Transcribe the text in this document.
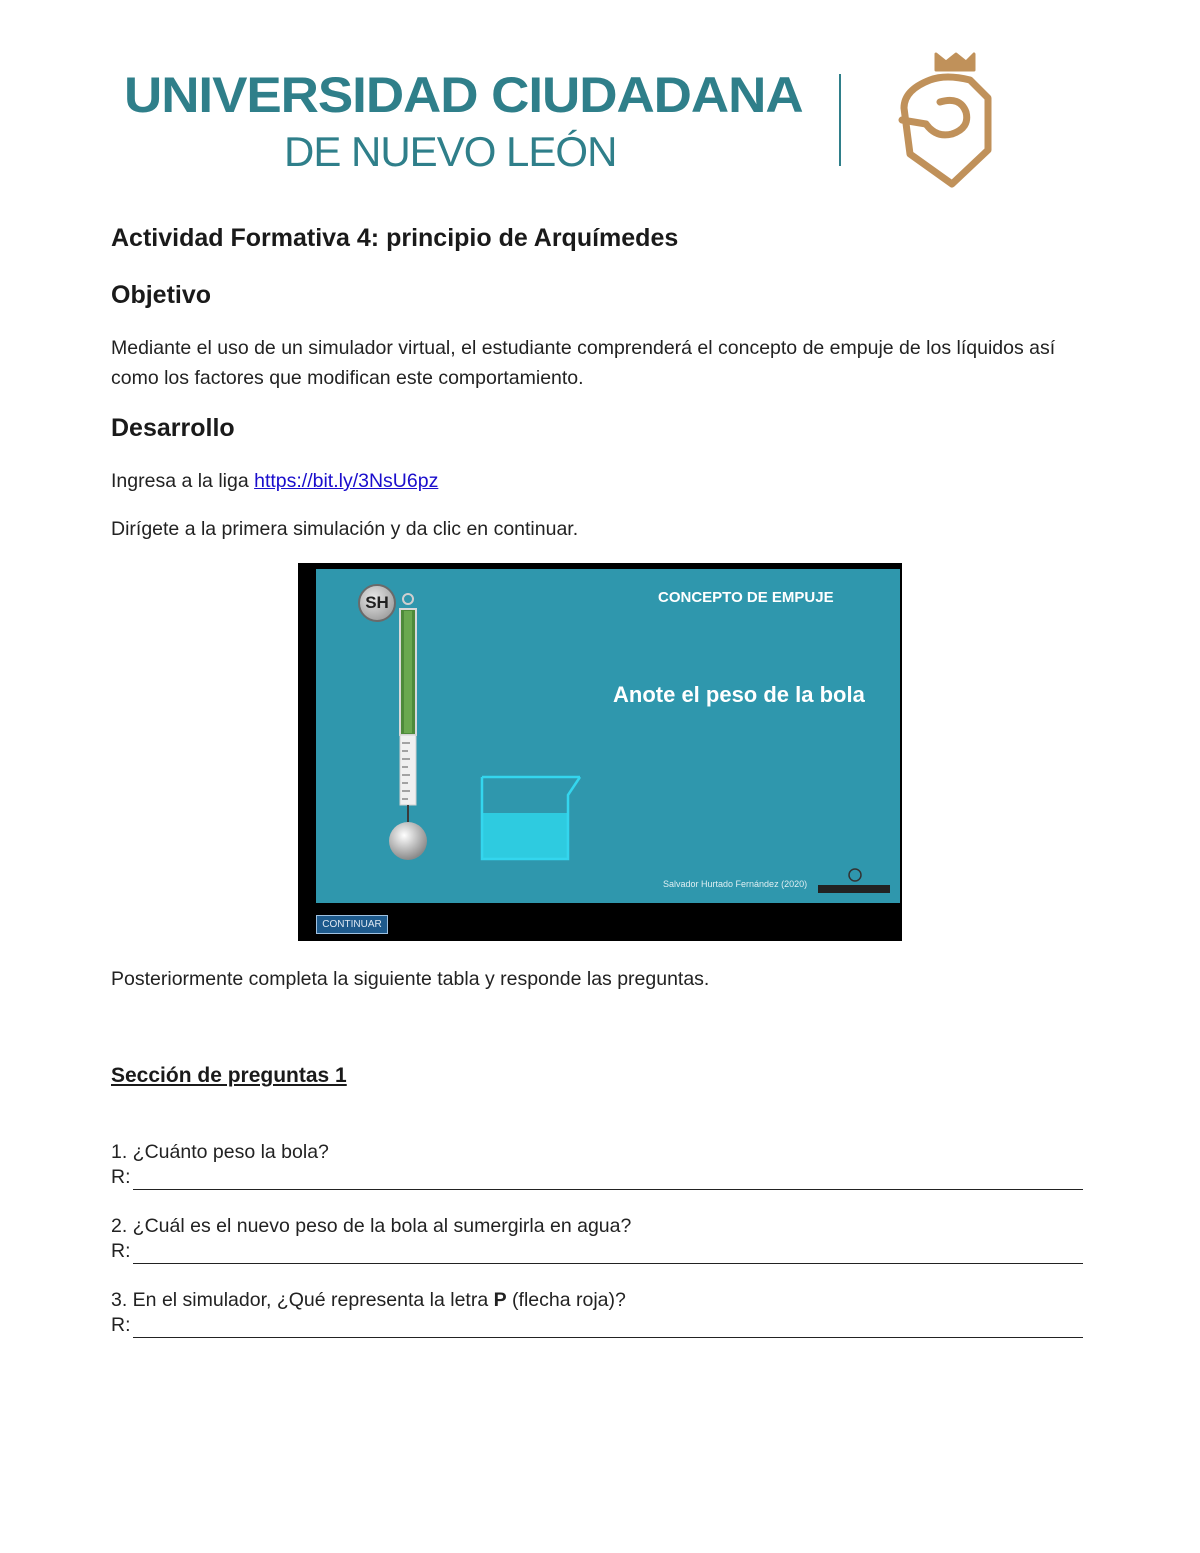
UNIVERSIDAD CIUDADANA
DE NUEVO LEÓN
Actividad Formativa 4: principio de Arquímedes
Objetivo
Mediante el uso de un simulador virtual, el estudiante comprenderá el concepto de empuje de los líquidos así como los factores que modifican este comportamiento.
Desarrollo
Ingresa a la liga https://bit.ly/3NsU6pz
Dirígete a la primera simulación y da clic en continuar.
SH	CONCEPTO DE EMPUJE
Anote el peso de la bola
Salvador Hurtado Fernández (2020)
CONTINUAR
Posteriormente completa la siguiente tabla y responde las preguntas.
Sección de preguntas 1
1. ¿Cuánto peso la bola?
R:
2. ¿Cuál es el nuevo peso de la bola al sumergirla en agua?
R:
3. En el simulador, ¿Qué representa la letra P (flecha roja)?
R:
